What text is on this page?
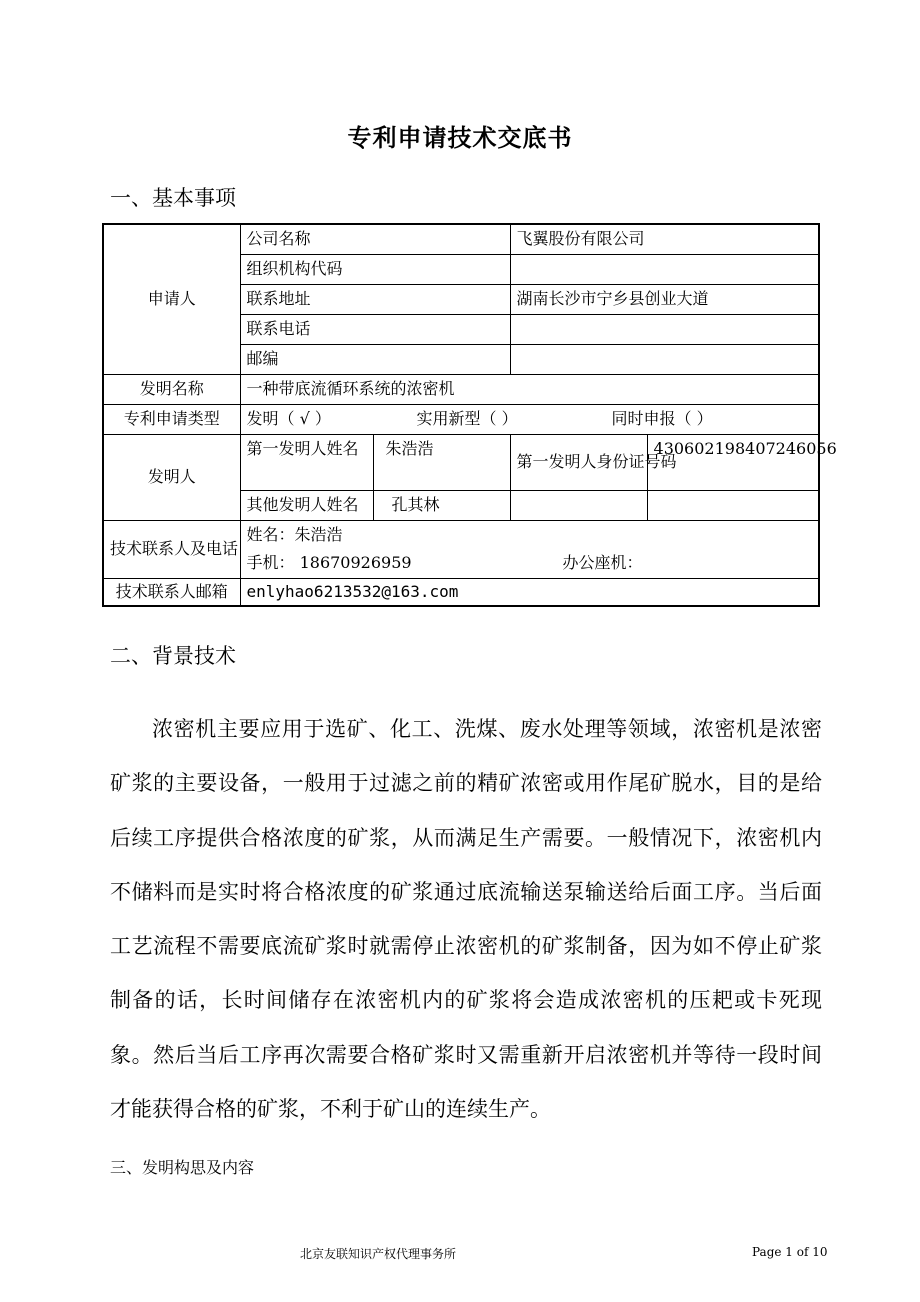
专利申请技术交底书
一、基本事项
申请人	公司名称		飞翼股份有限公司	
	组织机构代码			
	联系地址		湖南长沙市宁乡县创业大道	
	联系电话			
	邮编			
发明名称	一种带底流循环系统的浓密机			
专利申请类型	发明（ √ ） 实用新型（ ） 同时申报（ ）			
发明人	第一发明人姓名	朱浩浩	第一发明人身份证号码	430602198407246056
	其他发明人姓名	孔其林		
技术联系人及电话	姓名：朱浩浩
手机： 18670926959 办公座机：			

技术联系人邮箱	enlyhao6213532@163.com			
二、背景技术
浓密机主要应用于选矿、化工、洗煤、废水处理等领域，浓密机是浓密矿浆的主要设备，一般用于过滤之前的精矿浓密或用作尾矿脱水，目的是给后续工序提供合格浓度的矿浆，从而满足生产需要。一般情况下，浓密机内不储料而是实时将合格浓度的矿浆通过底流输送泵输送给后面工序。当后面工艺流程不需要底流矿浆时就需停止浓密机的矿浆制备，因为如不停止矿浆制备的话，长时间储存在浓密机内的矿浆将会造成浓密机的压耙或卡死现象。然后当后工序再次需要合格矿浆时又需重新开启浓密机并等待一段时间才能获得合格的矿浆，不利于矿山的连续生产。
三、发明构思及内容
北京友联知识产权代理事务所	Page 1 of 10
